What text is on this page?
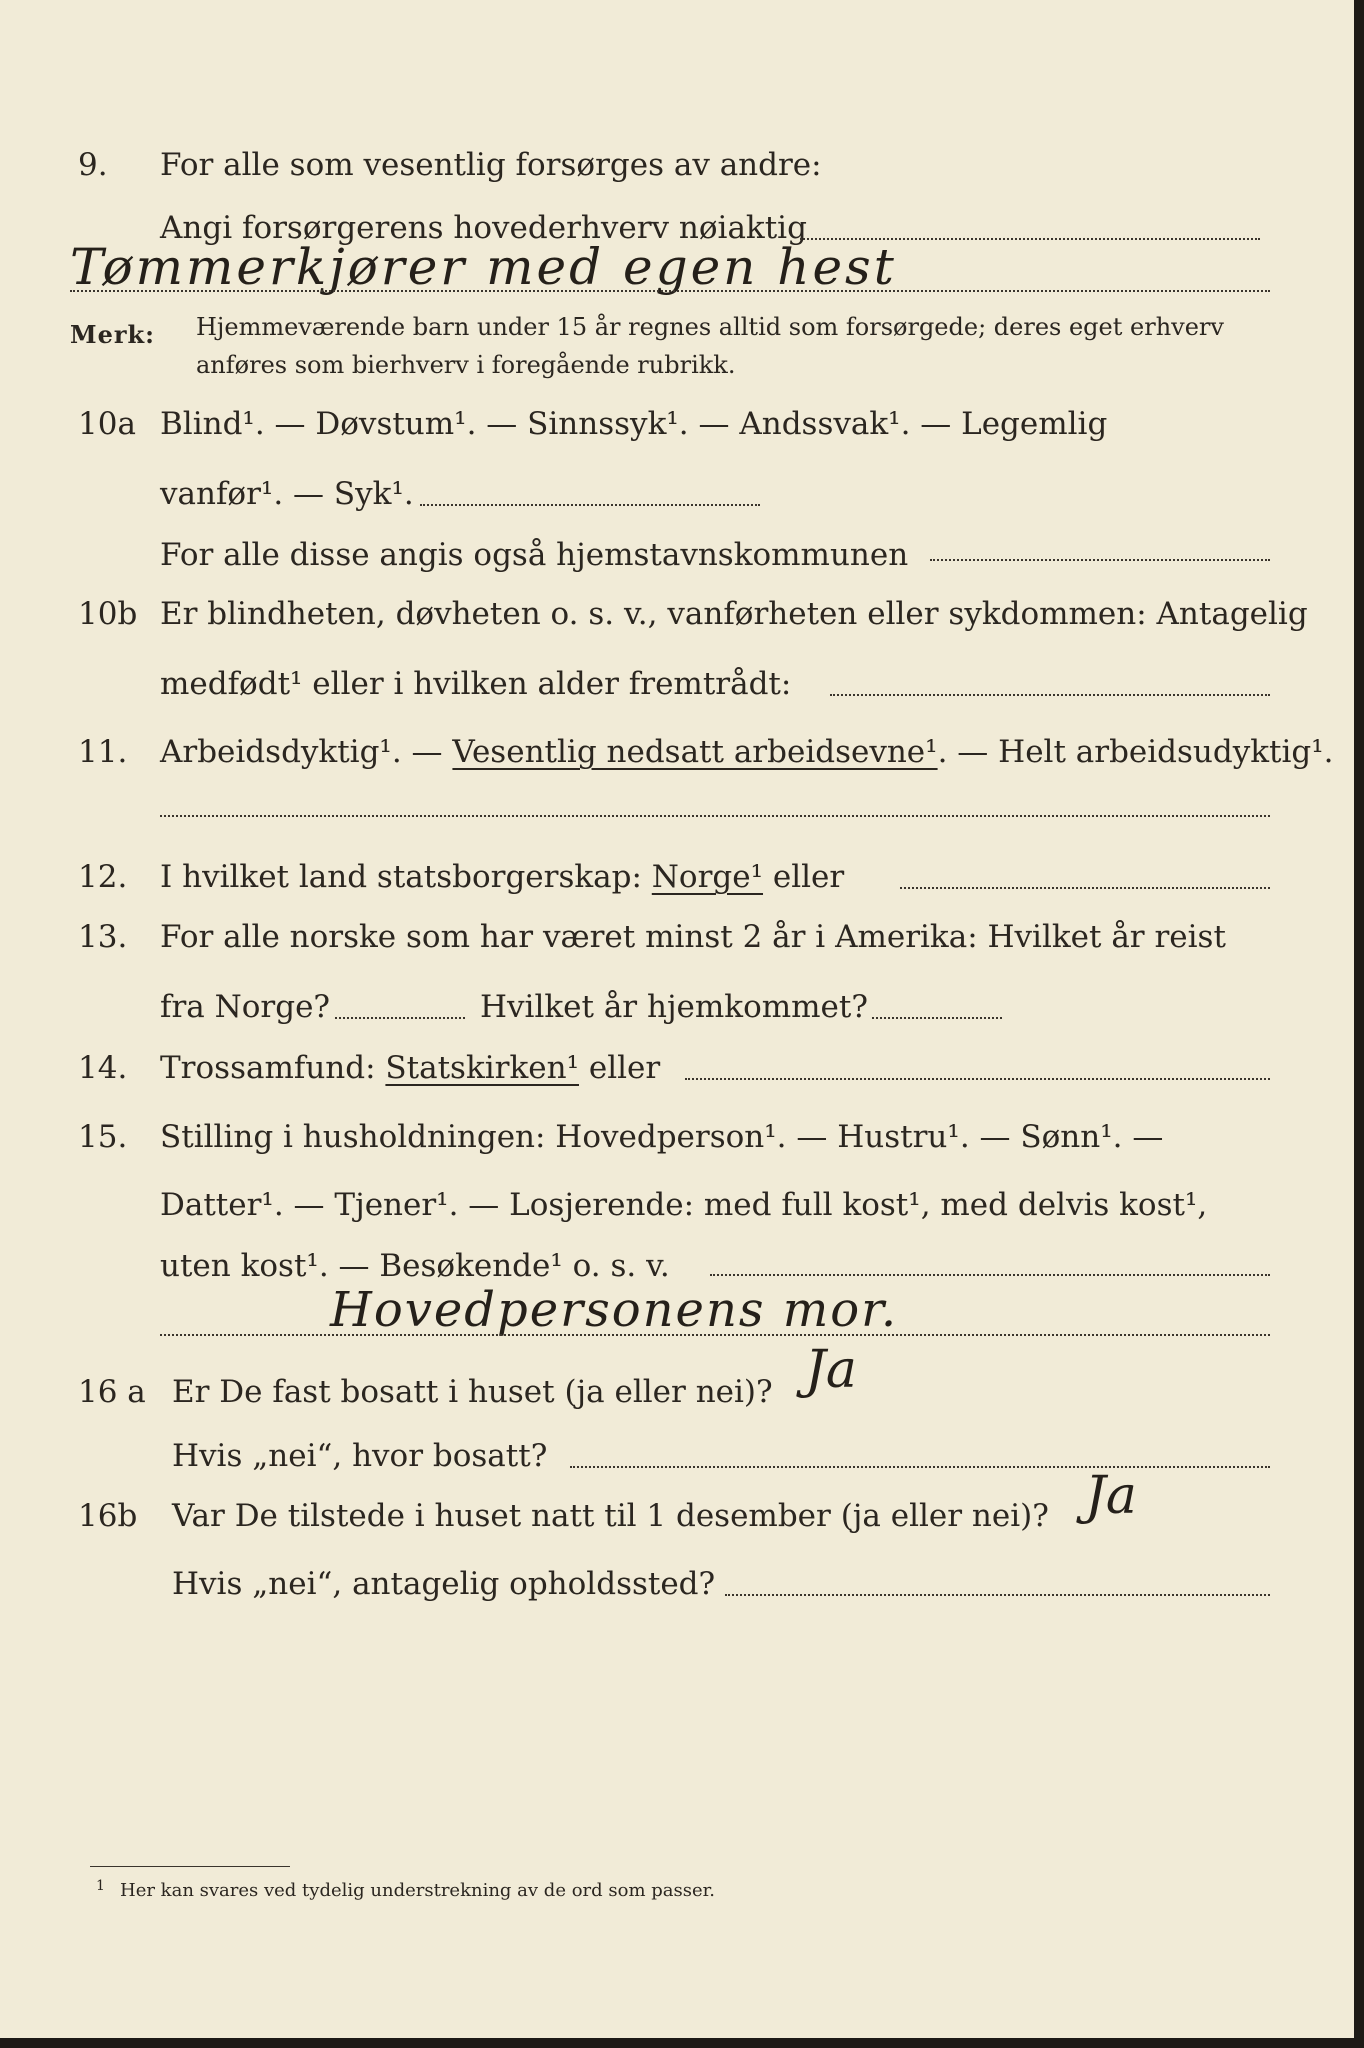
9. For alle som vesentlig forsørges av andre:
Angi forsørgerens hovederhverv nøiaktig
Tømmerkjører med egen hest
Merk: Hjemmeværende barn under 15 år regnes alltid som forsørgede; deres eget erhverv
anføres som bierhverv i foregående rubrikk.
10a Blind¹. — Døvstum¹. — Sinnssyk¹. — Andssvak¹. — Legemlig
vanfør¹. — Syk¹.
For alle disse angis også hjemstavnskommunen
10b Er blindheten, døvheten o. s. v., vanførheten eller sykdommen: Antagelig
medfødt¹ eller i hvilken alder fremtrådt:
11. Arbeidsdyktig¹. — Vesentlig nedsatt arbeidsevne¹. — Helt arbeidsudyktig¹.
12. I hvilket land statsborgerskap: Norge¹ eller
13. For alle norske som har været minst 2 år i Amerika: Hvilket år reist
fra Norge?	Hvilket år hjemkommet?
14. Trossamfund: Statskirken¹ eller
15. Stilling i husholdningen: Hovedperson¹. — Hustru¹. — Sønn¹. —
Datter¹. — Tjener¹. — Losjerende: med full kost¹, med delvis kost¹,
uten kost¹. — Besøkende¹ o. s. v.
Hovedpersonens mor.
16 a Er De fast bosatt i huset (ja eller nei)? Ja
Hvis „nei“, hvor bosatt?
16b Var De tilstede i huset natt til 1 desember (ja eller nei)? Ja
Hvis „nei“, antagelig opholdssted?
1 Her kan svares ved tydelig understrekning av de ord som passer.
